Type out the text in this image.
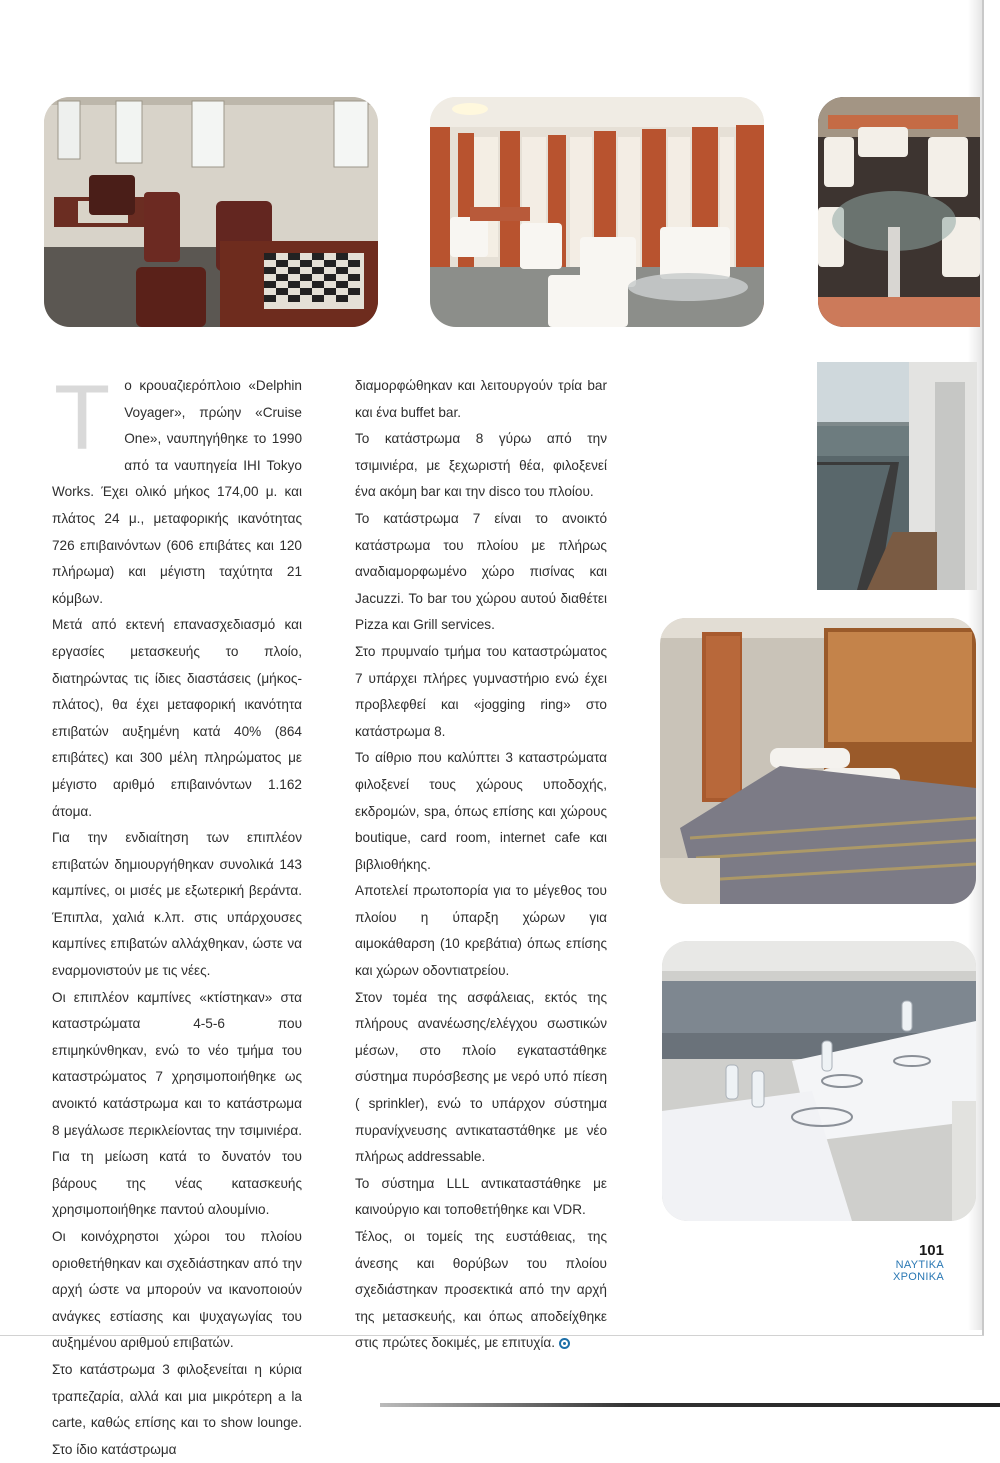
Τ	ο κρουαζιερόπλοιο «Delphin Voyager», πρώην «Cruise One», ναυπηγήθηκε το 1990 από τα ναυπηγεία IHI Tokyo Works. Έχει ολικό μήκος 174,00 μ. και πλάτος 24 μ., μεταφορικής ικανότητας 726 επιβαινόντων (606 επιβάτες και 120 πλήρωμα) και μέγιστη ταχύτητα 21 κόμβων.

Μετά από εκτενή επανασχεδιασμό και εργασίες μετασκευής το πλοίο, διατηρώντας τις ίδιες διαστάσεις (μήκος-πλάτος), θα έχει μεταφορική ικανότητα επιβατών αυξημένη κατά 40% (864 επιβάτες) και 300 μέλη πληρώματος με μέγιστο αριθμό επιβαινόντων 1.162 άτομα.

Για την ενδιαίτηση των επιπλέον επιβατών δημιουργήθηκαν συνολικά 143 καμπίνες, οι μισές με εξωτερική βεράντα. Έπιπλα, χαλιά κ.λπ. στις υπάρχουσες καμπίνες επιβατών αλλάχθηκαν, ώστε να εναρμονιστούν με τις νέες.

Οι επιπλέον καμπίνες «κτίστηκαν» στα καταστρώματα 4-5-6 που επιμηκύνθηκαν, ενώ το νέο τμήμα του καταστρώματος 7 χρησιμοποιήθηκε ως ανοικτό κατάστρωμα και το κατάστρωμα 8 μεγάλωσε περικλείοντας την τσιμινιέρα. Για τη μείωση κατά το δυνατόν του βάρους της νέας κατασκευής χρησιμοποιήθηκε παντού αλουμίνιο.

Οι κοινόχρηστοι χώροι του πλοίου οριοθετήθηκαν και σχεδιάστηκαν από την αρχή ώστε να μπορούν να ικανοποιούν ανάγκες εστίασης και ψυχαγωγίας του αυξημένου αριθμού επιβατών.

Στο κατάστρωμα 3 φιλοξενείται η κύρια τραπεζαρία, αλλά και μια μικρότερη a la carte, καθώς επίσης και το show lounge. Στο ίδιο κατάστρωμα

διαμορφώθηκαν και λειτουργούν τρία bar και ένα buffet bar.

Το κατάστρωμα 8 γύρω από την τσιμινιέρα, με ξεχωριστή θέα, φιλοξενεί ένα ακόμη bar και την disco του πλοίου.

Το κατάστρωμα 7 είναι το ανοικτό κατάστρωμα του πλοίου με πλήρως αναδιαμορφωμένο χώρο πισίνας και Jacuzzi. Το bar του χώρου αυτού διαθέτει Pizza και Grill services.

Στο πρυμναίο τμήμα του καταστρώματος 7 υπάρχει πλήρες γυμναστήριο ενώ έχει προβλεφθεί και «jogging ring» στο κατάστρωμα 8.

Το αίθριο που καλύπτει 3 καταστρώματα φιλοξενεί τους χώρους υποδοχής, εκδρομών, spa, όπως επίσης και χώρους boutique, card room, internet cafe και βιβλιοθήκης.

Αποτελεί πρωτοπορία για το μέγεθος του πλοίου η ύπαρξη χώρων για αιμοκάθαρση (10 κρεβάτια) όπως επίσης και χώρων οδοντιατρείου.

Στον τομέα της ασφάλειας, εκτός της πλήρους ανανέωσης/ελέγχου σωστικών μέσων, στο πλοίο εγκαταστάθηκε σύστημα πυρόσβεσης με νερό υπό πίεση ( sprinkler), ενώ το υπάρχον σύστημα πυρανίχνευσης αντικαταστάθηκε με νέο πλήρως addressable.

Το σύστημα LLL αντικαταστάθηκε με καινούργιο και τοποθετήθηκε και VDR.

Τέλος, οι τομείς της ευστάθειας, της άνεσης και θορύβων του πλοίου σχεδιάστηκαν προσεκτικά από την αρχή της μετασκευής, και όπως αποδείχθηκε στις πρώτες δοκιμές, με επιτυχία.

101
ΝΑΥΤΙΚΑ
ΧΡΟΝΙΚΑ
